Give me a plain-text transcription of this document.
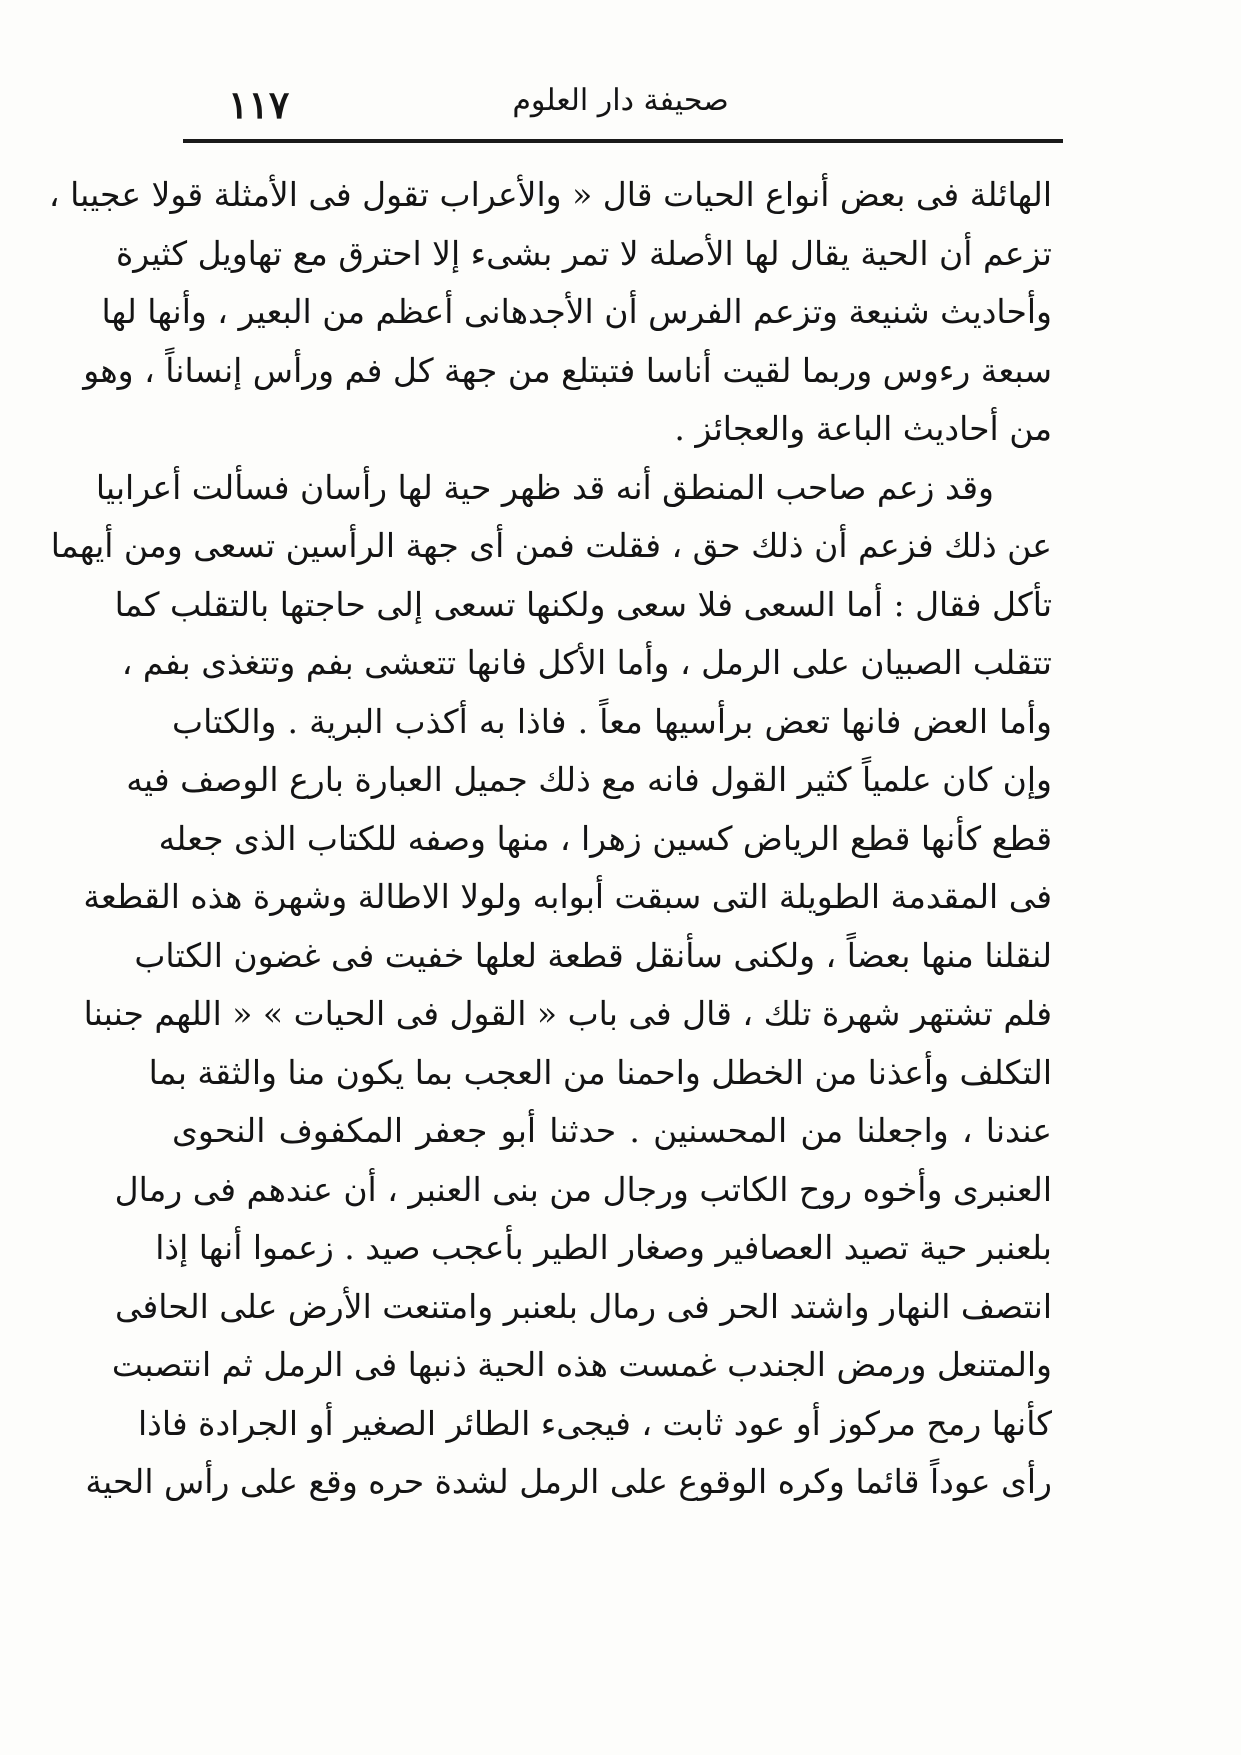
١١٧	صحيفة دار العلوم
الهائلة فى بعض أنواع الحيات قال « والأعراب تقول فى الأمثلة قولا عجيبا ،
تزعم أن الحية يقال لها الأصلة لا تمر بشىء إلا احترق مع تهاويل كثيرة
وأحاديث شنيعة وتزعم الفرس أن الأجدهانى أعظم من البعير ، وأنها لها
سبعة رءوس وربما لقيت أناسا فتبتلع من جهة كل فم ورأس إنساناً ، وهو
من أحاديث الباعة والعجائز .
وقد زعم صاحب المنطق أنه قد ظهر حية لها رأسان فسألت أعرابيا
عن ذلك فزعم أن ذلك حق ، فقلت فمن أى جهة الرأسين تسعى ومن أيهما
تأكل فقال : أما السعى فلا سعى ولكنها تسعى إلى حاجتها بالتقلب كما
تتقلب الصبيان على الرمل ، وأما الأكل فانها تتعشى بفم وتتغذى بفم ،
وأما العض فانها تعض برأسيها معاً . فاذا به أكذب البرية . والكتاب
وإن كان علمياً كثير القول فانه مع ذلك جميل العبارة بارع الوصف فيه
قطع كأنها قطع الرياض كسين زهرا ، منها وصفه للكتاب الذى جعله
فى المقدمة الطويلة التى سبقت أبوابه ولولا الاطالة وشهرة هذه القطعة
لنقلنا منها بعضاً ، ولكنى سأنقل قطعة لعلها خفيت فى غضون الكتاب
فلم تشتهر شهرة تلك ، قال فى باب « القول فى الحيات » « اللهم جنبنا
التكلف وأعذنا من الخطل واحمنا من العجب بما يكون منا والثقة بما
عندنا ، واجعلنا من المحسنين . حدثنا أبو جعفر المكفوف النحوى
العنبرى وأخوه روح الكاتب ورجال من بنى العنبر ، أن عندهم فى رمال
بلعنبر حية تصيد العصافير وصغار الطير بأعجب صيد . زعموا أنها إذا
انتصف النهار واشتد الحر فى رمال بلعنبر وامتنعت الأرض على الحافى
والمتنعل ورمض الجندب غمست هذه الحية ذنبها فى الرمل ثم انتصبت
كأنها رمح مركوز أو عود ثابت ، فيجىء الطائر الصغير أو الجرادة فاذا
رأى عوداً قائما وكره الوقوع على الرمل لشدة حره وقع على رأس الحية
